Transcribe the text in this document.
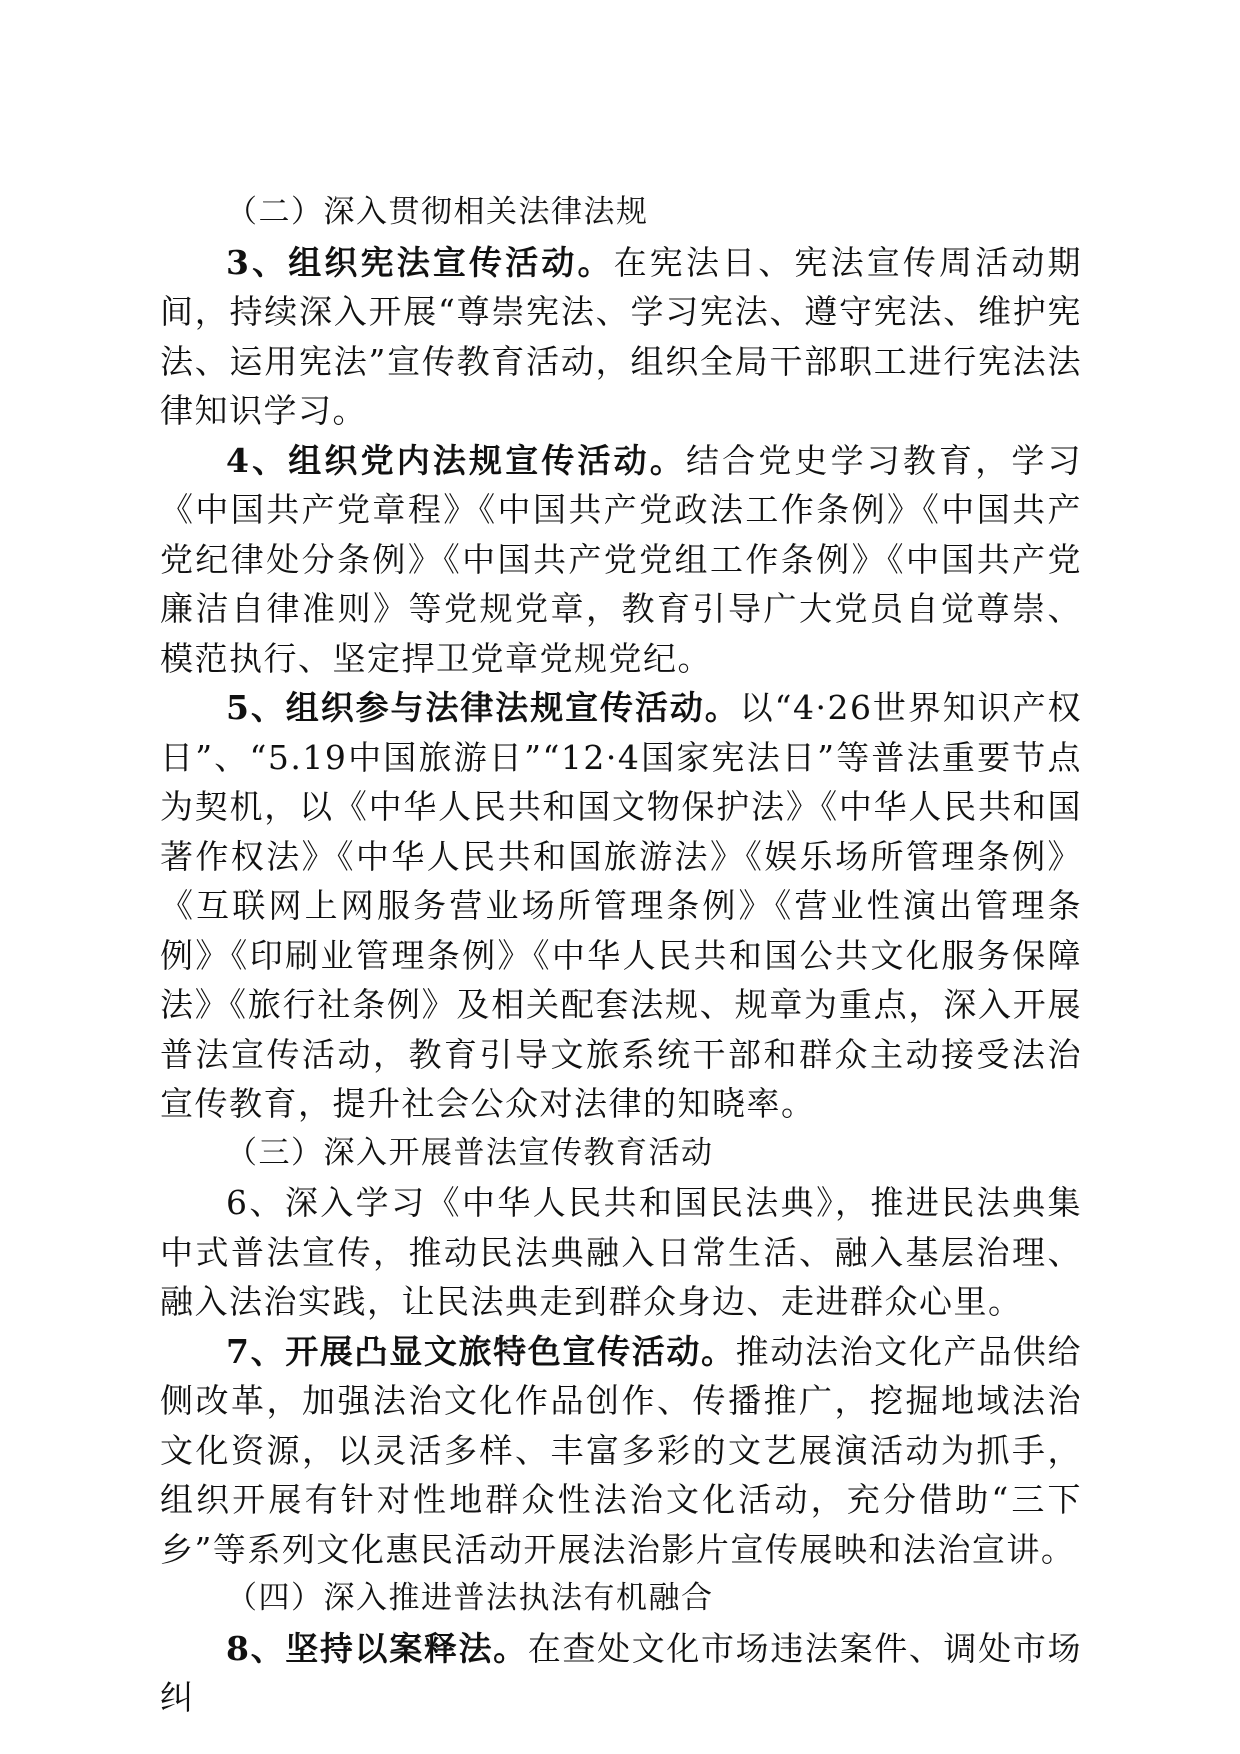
（二）深入贯彻相关法律法规

3、组织宪法宣传活动。在宪法日、宪法宣传周活动期间，持续深入开展“尊崇宪法、学习宪法、遵守宪法、维护宪法、运用宪法”宣传教育活动，组织全局干部职工进行宪法法律知识学习。

4、组织党内法规宣传活动。结合党史学习教育，学习《中国共产党章程》《中国共产党政法工作条例》《中国共产党纪律处分条例》《中国共产党党组工作条例》《中国共产党廉洁自律准则》等党规党章，教育引导广大党员自觉尊崇、模范执行、坚定捍卫党章党规党纪。

5、组织参与法律法规宣传活动。以“4·26世界知识产权日”、“5.19中国旅游日”“12·4国家宪法日”等普法重要节点为契机，以《中华人民共和国文物保护法》《中华人民共和国著作权法》《中华人民共和国旅游法》《娱乐场所管理条例》《互联网上网服务营业场所管理条例》《营业性演出管理条例》《印刷业管理条例》《中华人民共和国公共文化服务保障法》《旅行社条例》及相关配套法规、规章为重点，深入开展普法宣传活动，教育引导文旅系统干部和群众主动接受法治宣传教育，提升社会公众对法律的知晓率。

（三）深入开展普法宣传教育活动

6、深入学习《中华人民共和国民法典》，推进民法典集中式普法宣传，推动民法典融入日常生活、融入基层治理、融入法治实践，让民法典走到群众身边、走进群众心里。

7、开展凸显文旅特色宣传活动。推动法治文化产品供给侧改革，加强法治文化作品创作、传播推广，挖掘地域法治文化资源，以灵活多样、丰富多彩的文艺展演活动为抓手，组织开展有针对性地群众性法治文化活动，充分借助“三下乡”等系列文化惠民活动开展法治影片宣传展映和法治宣讲。

（四）深入推进普法执法有机融合

8、坚持以案释法。在查处文化市场违法案件、调处市场纠
